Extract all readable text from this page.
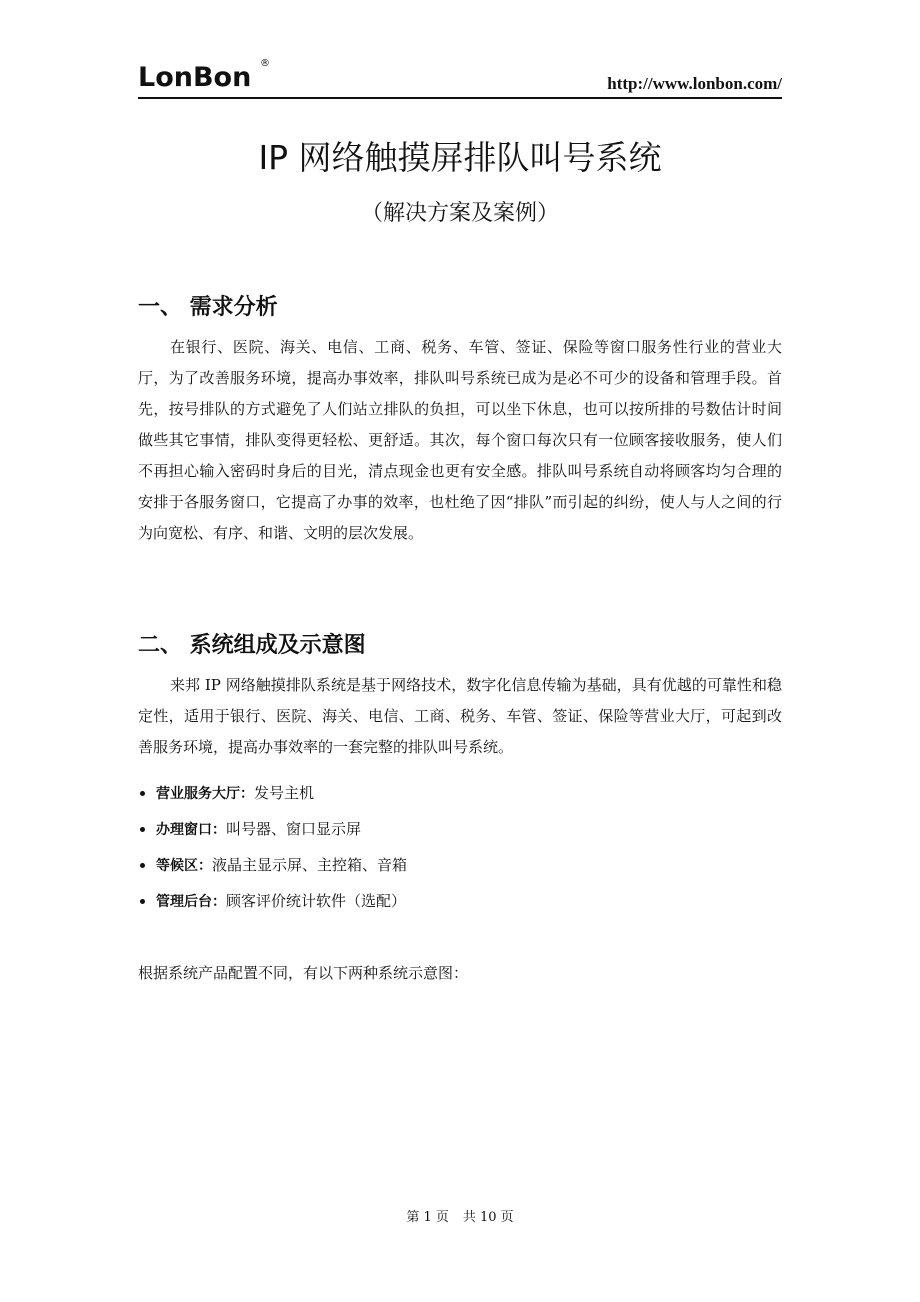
LonBon ®
http://www.lonbon.com/
IP 网络触摸屏排队叫号系统
（解决方案及案例）
一、 需求分析
在银行、医院、海关、电信、工商、税务、车管、签证、保险等窗口服务性行业的营业大厅，为了改善服务环境，提高办事效率，排队叫号系统已成为是必不可少的设备和管理手段。首先，按号排队的方式避免了人们站立排队的负担，可以坐下休息，也可以按所排的号数估计时间做些其它事情，排队变得更轻松、更舒适。其次，每个窗口每次只有一位顾客接收服务，使人们不再担心输入密码时身后的目光，清点现金也更有安全感。排队叫号系统自动将顾客均匀合理的安排于各服务窗口，它提高了办事的效率，也杜绝了因“排队”而引起的纠纷，使人与人之间的行为向宽松、有序、和谐、文明的层次发展。
二、 系统组成及示意图
来邦 IP 网络触摸排队系统是基于网络技术，数字化信息传输为基础，具有优越的可靠性和稳定性，适用于银行、医院、海关、电信、工商、税务、车管、签证、保险等营业大厅，可起到改善服务环境，提高办事效率的一套完整的排队叫号系统。
营业服务大厅：发号主机
办理窗口：叫号器、窗口显示屏
等候区：液晶主显示屏、主控箱、音箱
管理后台：顾客评价统计软件（选配）
根据系统产品配置不同，有以下两种系统示意图：
第 1 页 共 10 页
